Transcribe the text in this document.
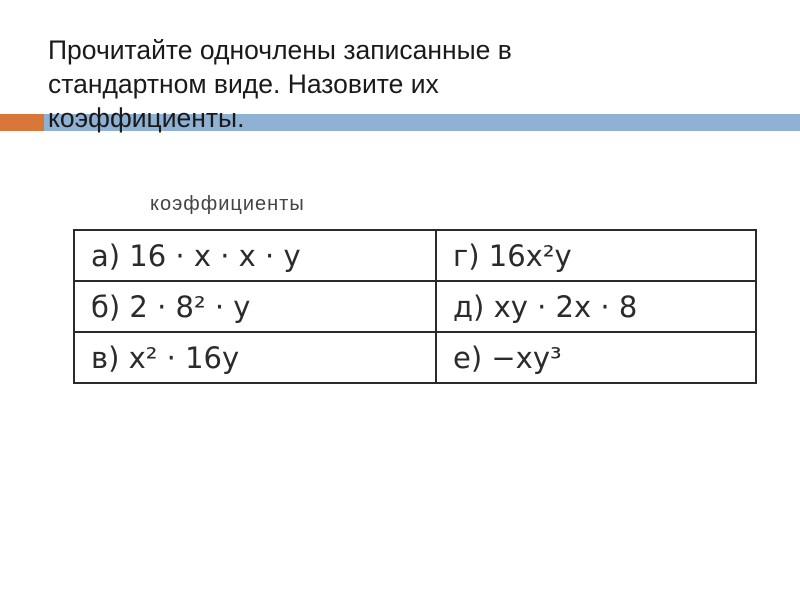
Прочитайте одночлены записанные в
стандартном виде. Назовите их
коэффициенты.
коэффициенты
а) 16 · x · x · y	г) 16x²y
б) 2 · 8² · y	д) xy · 2x · 8
в) x² · 16y	е) −xy³
